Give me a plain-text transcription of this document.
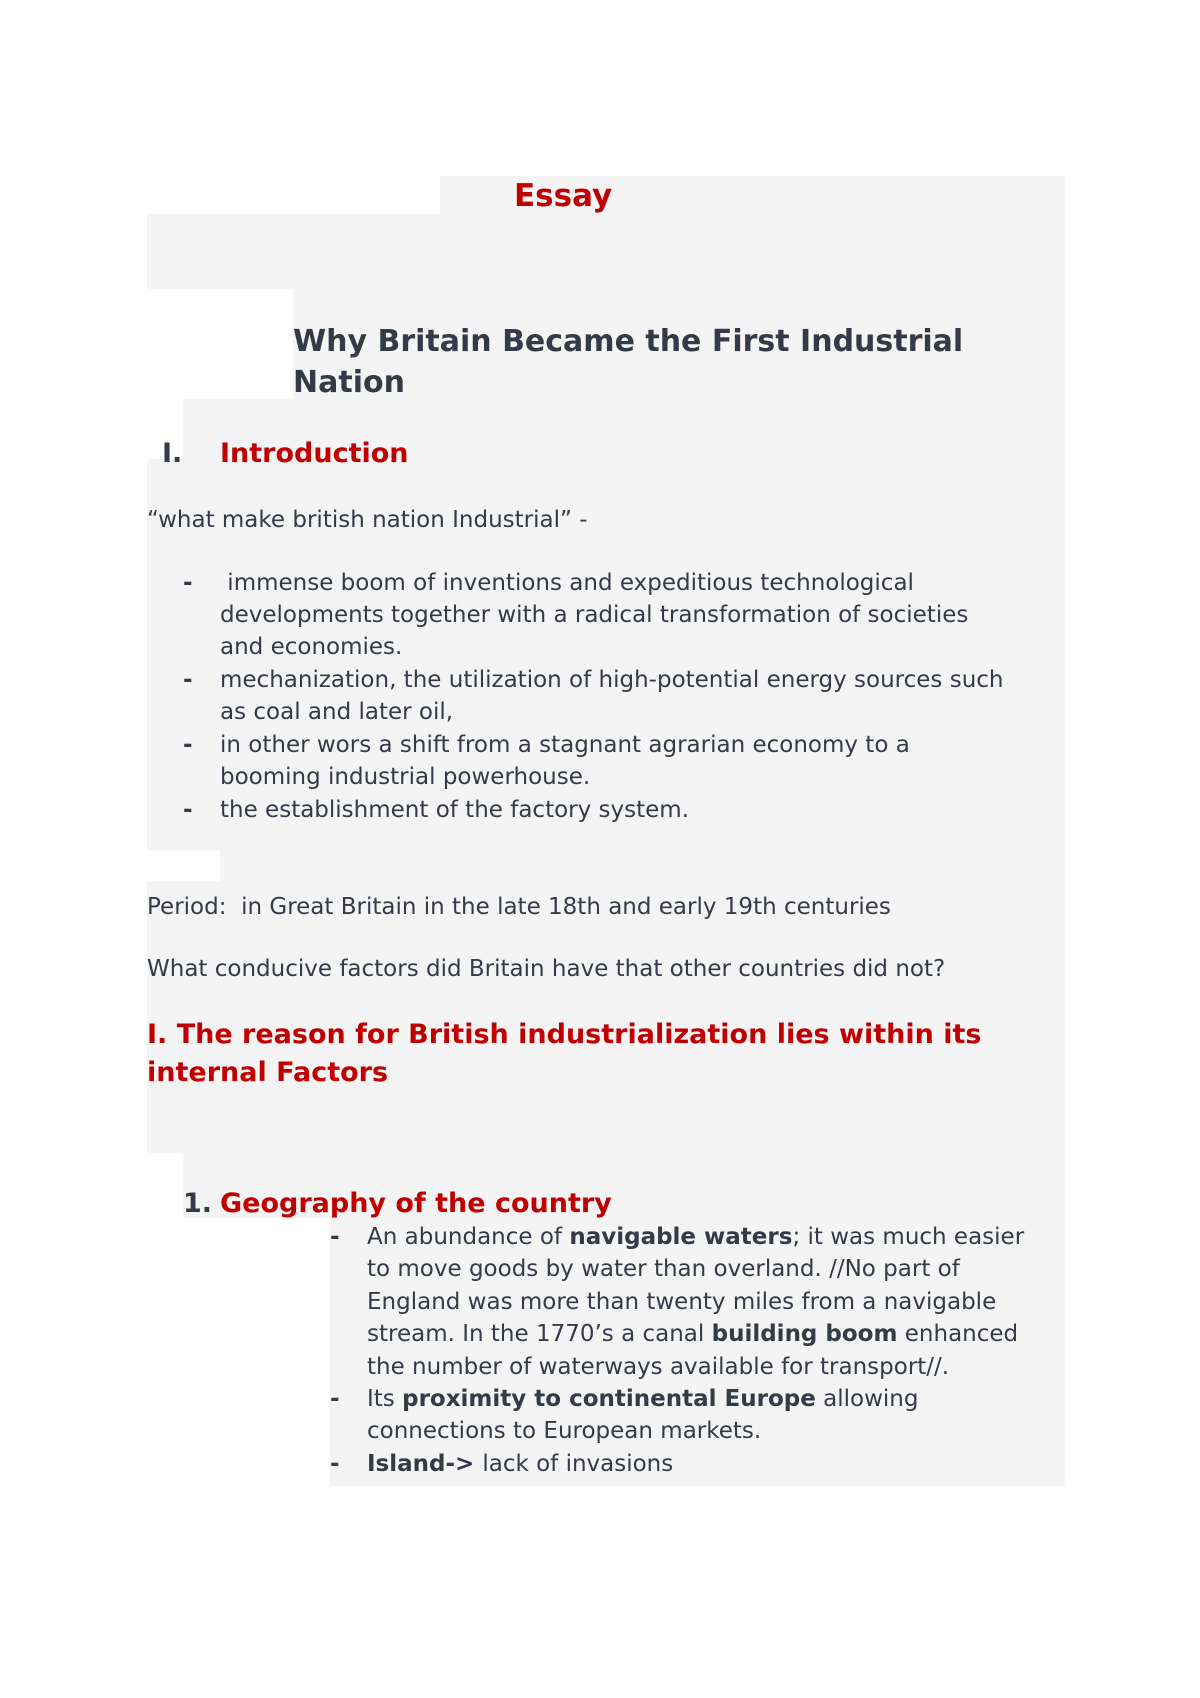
Essay
Why Britain Became the First Industrial
Nation
I. Introduction
“what make british nation Industrial” -
- immense boom of inventions and expeditious technological
developments together with a radical transformation of societies
and economies.
- mechanization, the utilization of high-potential energy sources such
as coal and later oil,
- in other wors a shift from a stagnant agrarian economy to a
booming industrial powerhouse.
- the establishment of the factory system.
Period:  in Great Britain in the late 18th and early 19th centuries
What conducive factors did Britain have that other countries did not?
I. The reason for British industrialization lies within its
internal Factors
1. Geography of the country
- An abundance of navigable waters; it was much easier
to move goods by water than overland. //No part of
England was more than twenty miles from a navigable
stream. In the 1770’s a canal building boom enhanced
the number of waterways available for transport//.
- Its proximity to continental Europe allowing
connections to European markets.
- Island-> lack of invasions
